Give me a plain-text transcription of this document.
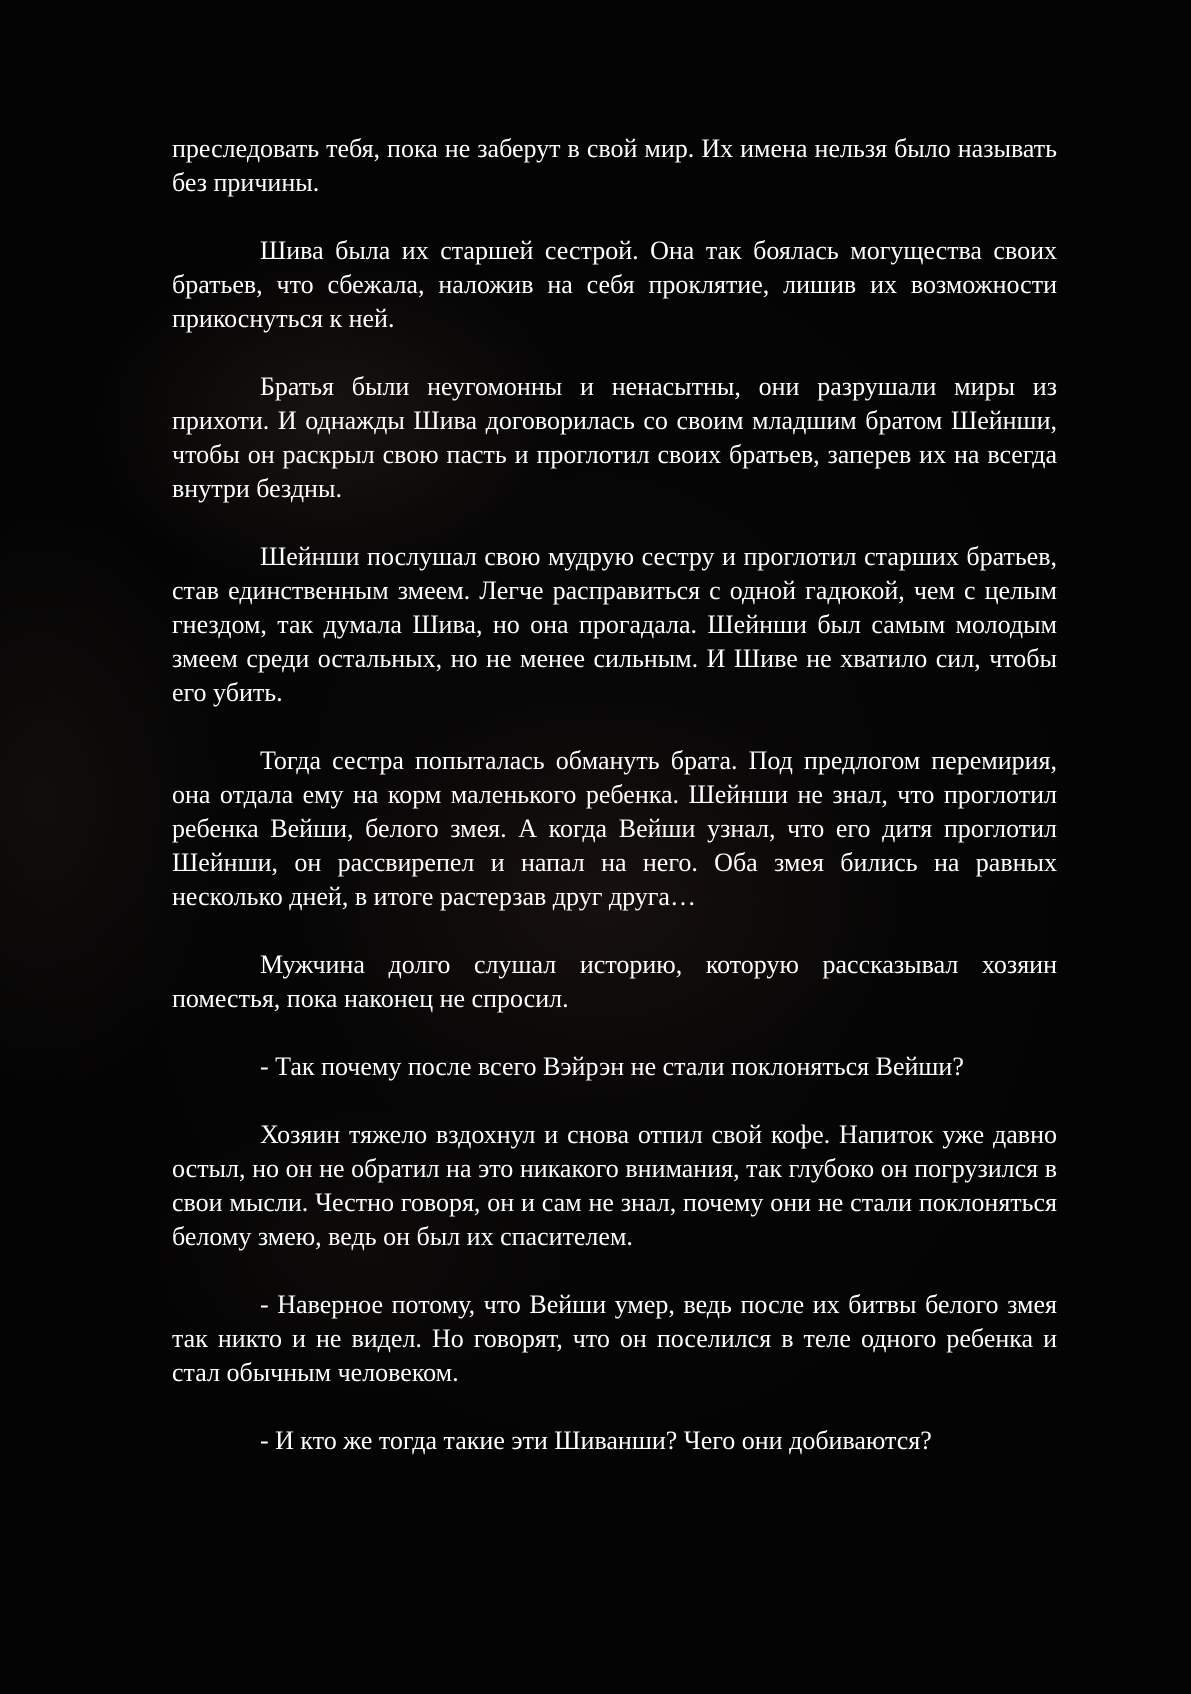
преследовать тебя, пока не заберут в свой мир. Их имена нельзя было называть без причины.

Шива была их старшей сестрой. Она так боялась могущества своих братьев, что сбежала, наложив на себя проклятие, лишив их возможности прикоснуться к ней.

Братья были неугомонны и ненасытны, они разрушали миры из прихоти. И однажды Шива договорилась со своим младшим братом Шейнши, чтобы он раскрыл свою пасть и проглотил своих братьев, заперев их на всегда внутри бездны.

Шейнши послушал свою мудрую сестру и проглотил старших братьев, став единственным змеем. Легче расправиться с одной гадюкой, чем с целым гнездом, так думала Шива, но она прогадала. Шейнши был самым молодым змеем среди остальных, но не менее сильным. И Шиве не хватило сил, чтобы его убить.

Тогда сестра попыталась обмануть брата. Под предлогом перемирия, она отдала ему на корм маленького ребенка. Шейнши не знал, что проглотил ребенка Вейши, белого змея. А когда Вейши узнал, что его дитя проглотил Шейнши, он рассвирепел и напал на него. Оба змея бились на равных несколько дней, в итоге растерзав друг друга…

Мужчина долго слушал историю, которую рассказывал хозяин поместья, пока наконец не спросил.

- Так почему после всего Вэйрэн не стали поклоняться Вейши?

Хозяин тяжело вздохнул и снова отпил свой кофе. Напиток уже давно остыл, но он не обратил на это никакого внимания, так глубоко он погрузился в свои мысли. Честно говоря, он и сам не знал, почему они не стали поклоняться белому змею, ведь он был их спасителем.

- Наверное потому, что Вейши умер, ведь после их битвы белого змея так никто и не видел. Но говорят, что он поселился в теле одного ребенка и стал обычным человеком.

- И кто же тогда такие эти Шиванши? Чего они добиваются?
